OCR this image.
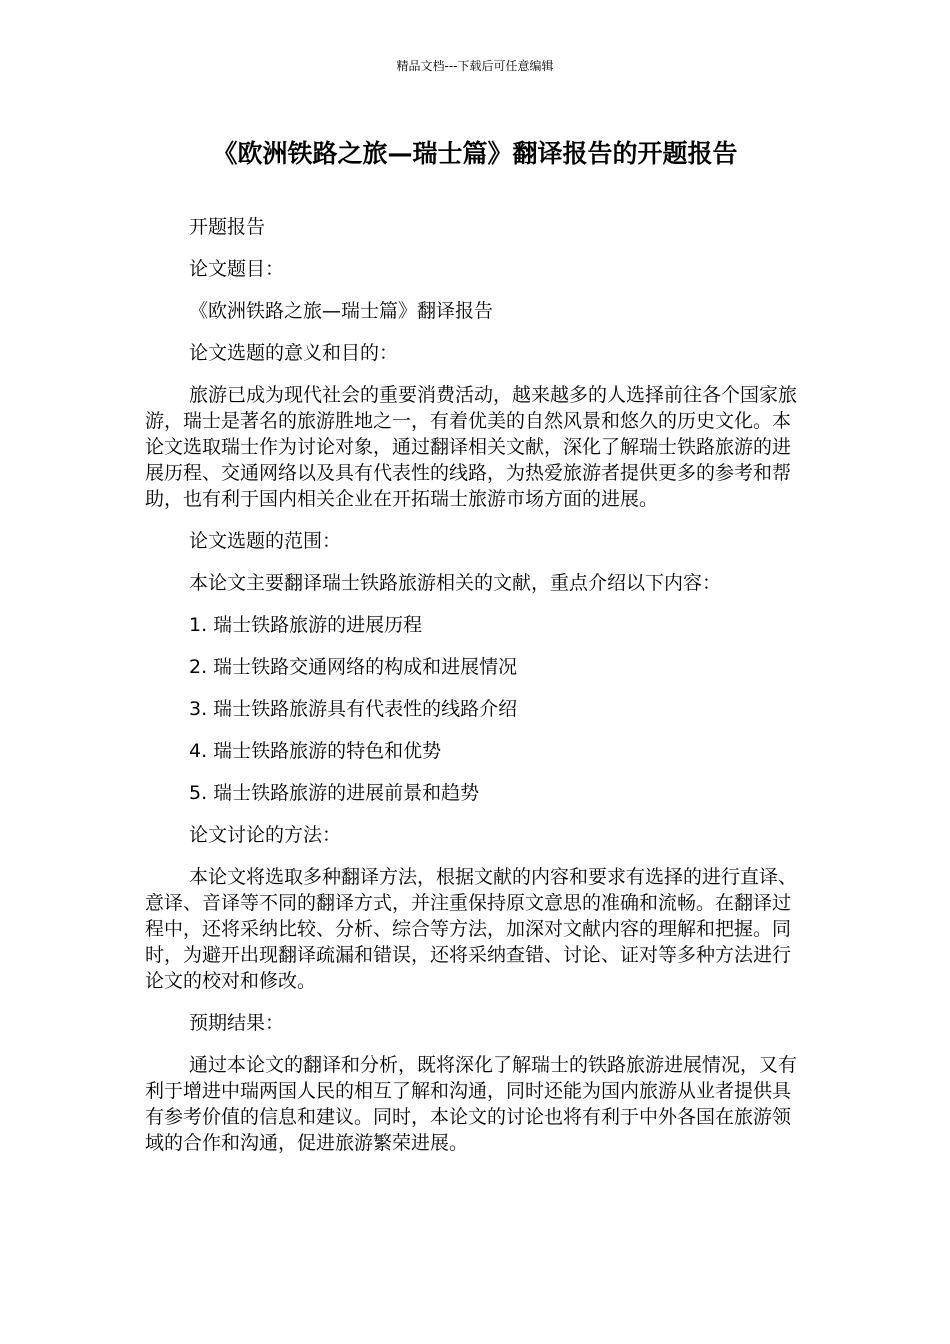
精品文档---下载后可任意编辑
《欧洲铁路之旅—瑞士篇》翻译报告的开题报告

开题报告

论文题目：

《欧洲铁路之旅—瑞士篇》翻译报告

论文选题的意义和目的：

旅游已成为现代社会的重要消费活动，越来越多的人选择前往各个国家旅游，瑞士是著名的旅游胜地之一，有着优美的自然风景和悠久的历史文化。本论文选取瑞士作为讨论对象，通过翻译相关文献，深化了解瑞士铁路旅游的进展历程、交通网络以及具有代表性的线路，为热爱旅游者提供更多的参考和帮助，也有利于国内相关企业在开拓瑞士旅游市场方面的进展。

论文选题的范围：

本论文主要翻译瑞士铁路旅游相关的文献，重点介绍以下内容：

1. 瑞士铁路旅游的进展历程

2. 瑞士铁路交通网络的构成和进展情况

3. 瑞士铁路旅游具有代表性的线路介绍

4. 瑞士铁路旅游的特色和优势

5. 瑞士铁路旅游的进展前景和趋势

论文讨论的方法：

本论文将选取多种翻译方法，根据文献的内容和要求有选择的进行直译、意译、音译等不同的翻译方式，并注重保持原文意思的准确和流畅。在翻译过程中，还将采纳比较、分析、综合等方法，加深对文献内容的理解和把握。同时，为避开出现翻译疏漏和错误，还将采纳查错、讨论、证对等多种方法进行论文的校对和修改。

预期结果：

通过本论文的翻译和分析，既将深化了解瑞士的铁路旅游进展情况，又有利于增进中瑞两国人民的相互了解和沟通，同时还能为国内旅游从业者提供具有参考价值的信息和建议。同时，本论文的讨论也将有利于中外各国在旅游领域的合作和沟通，促进旅游繁荣进展。
